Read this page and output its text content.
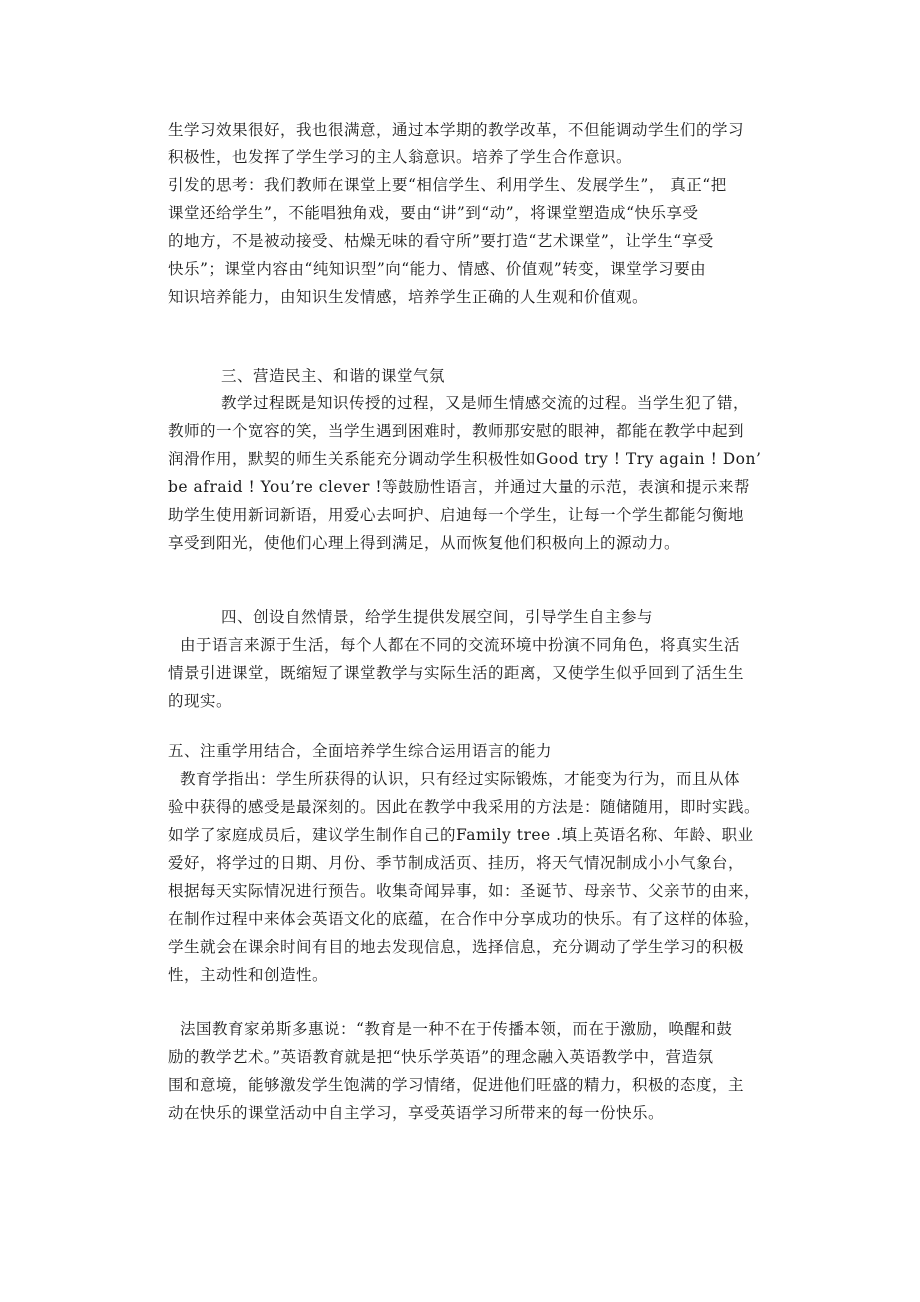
生学习效果很好，我也很满意，通过本学期的教学改革，不但能调动学生们的学习
积极性，也发挥了学生学习的主人翁意识。培养了学生合作意识。
引发的思考：我们教师在课堂上要“相信学生、利用学生、发展学生”， 真正“把
课堂还给学生”，不能唱独角戏，要由“讲”到“动”，将课堂塑造成“快乐享受
的地方，不是被动接受、枯燥无味的看守所”要打造“艺术课堂”，让学生“享受
快乐”；课堂内容由“纯知识型”向“能力、情感、价值观”转变，课堂学习要由
知识培养能力，由知识生发情感，培养学生正确的人生观和价值观。
三、营造民主、和谐的课堂气氛
教学过程既是知识传授的过程，又是师生情感交流的过程。当学生犯了错，
教师的一个宽容的笑，当学生遇到困难时，教师那安慰的眼神，都能在教学中起到
润滑作用，默契的师生关系能充分调动学生积极性如Good try ! Try again ! Don’
be afraid ! You’re clever !等鼓励性语言，并通过大量的示范，表演和提示来帮
助学生使用新词新语，用爱心去呵护、启迪每一个学生，让每一个学生都能匀衡地
享受到阳光，使他们心理上得到满足，从而恢复他们积极向上的源动力。
四、创设自然情景，给学生提供发展空间，引导学生自主参与
由于语言来源于生活，每个人都在不同的交流环境中扮演不同角色，将真实生活
情景引进课堂，既缩短了课堂教学与实际生活的距离，又使学生似乎回到了活生生
的现实。
五、注重学用结合，全面培养学生综合运用语言的能力
教育学指出：学生所获得的认识，只有经过实际锻炼，才能变为行为，而且从体
验中获得的感受是最深刻的。因此在教学中我采用的方法是：随储随用，即时实践。
如学了家庭成员后，建议学生制作自己的Family tree .填上英语名称、年龄、职业
爱好，将学过的日期、月份、季节制成活页、挂历，将天气情况制成小小气象台，
根据每天实际情况进行预告。收集奇闻异事，如：圣诞节、母亲节、父亲节的由来，
在制作过程中来体会英语文化的底蕴，在合作中分享成功的快乐。有了这样的体验，
学生就会在课余时间有目的地去发现信息，选择信息，充分调动了学生学习的积极
性，主动性和创造性。
法国教育家弟斯多惠说：“教育是一种不在于传播本领，而在于激励，唤醒和鼓
励的教学艺术。”英语教育就是把“快乐学英语”的理念融入英语教学中，营造氛
围和意境，能够激发学生饱满的学习情绪，促进他们旺盛的精力，积极的态度，主
动在快乐的课堂活动中自主学习，享受英语学习所带来的每一份快乐。
